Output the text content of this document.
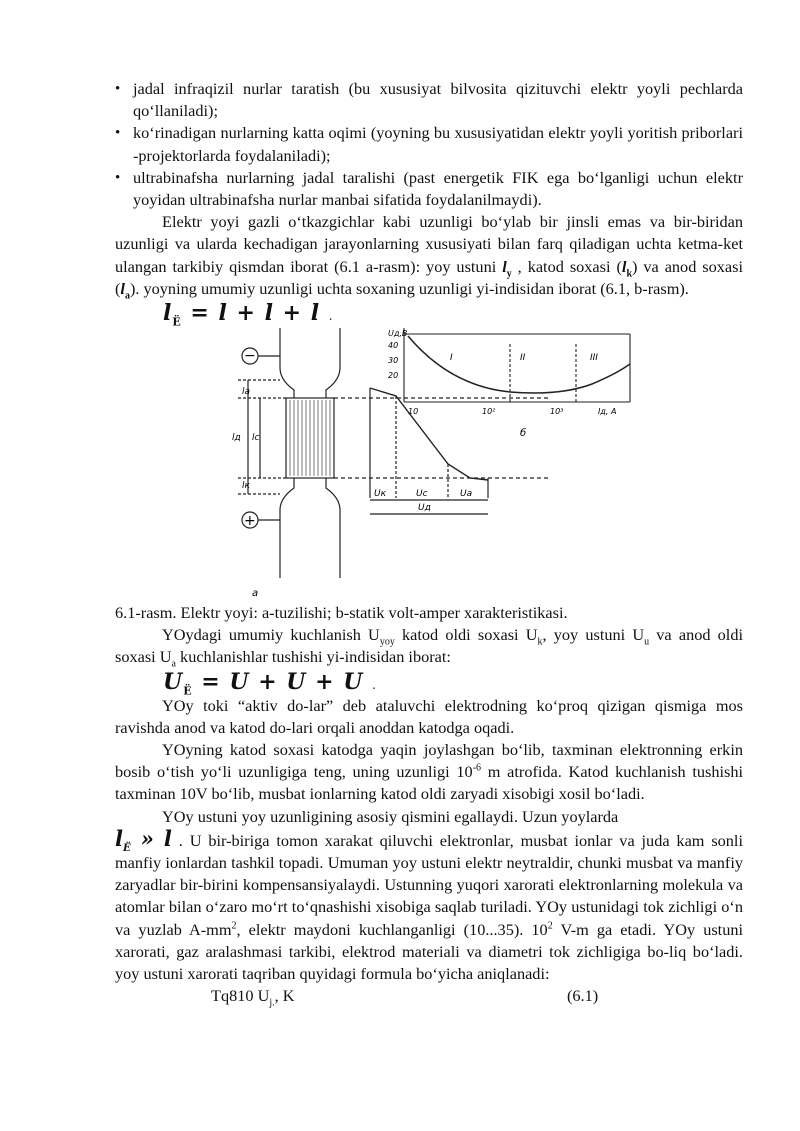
• jadal infraqizil nurlar taratish (bu xususiyat bilvosita qizituvchi elektr yoyli pechlarda qo‘llaniladi);
• ko‘rinadigan nurlarning katta oqimi (yoyning bu xususiyatidan elektr yoyli yoritish priborlari -projektorlarda foydalaniladi);
• ultrabinafsha nurlarning jadal taralishi (past energetik FIK ega bo‘lganligi uchun elektr yoyidan ultrabinafsha nurlar manbai sifatida foydalanilmaydi).

Elektr yoyi gazli o‘tkazgichlar kabi uzunligi bo‘ylab bir jinsli emas va bir-biridan uzunligi va ularda kechadigan jarayonlarning xususiyati bilan farq qiladigan uchta ketma-ket ulangan tarkibiy qismdan iborat (6.1 a-rasm): yoy ustuni $l_y$ , katod soxasi $(l_k)$ va anod soxasi $(l_a)$. yoyning umumiy uzunligi uchta soxaning uzunligi yi-indisidan iborat (6.1, b-rasm).

$l_Ë = l + l + l$ .
−
+
lа
lс
lд
lк
Uк	Uс	Uа
Uд
a
Uд,В
40
30
20
10	10²	10³	Iд, А
I	II	III
б

6.1-rasm. Elektr yoyi: a-tuzilishi; b-statik volt-amper xarakteristikasi.

YOydagi umumiy kuchlanish $U_{yoy}$ katod oldi soxasi $U_k$, yoy ustuni $U_u$ va anod oldi soxasi $U_a$ kuchlanishlar tushishi yi-indisidan iborat:

$U_Ë = U + U + U$ .

YOy toki “aktiv do-lar” deb ataluvchi elektrodning ko‘proq qizigan qismiga mos ravishda anod va katod do-lari orqali anoddan katodga oqadi.

YOyning katod soxasi katodga yaqin joylashgan bo‘lib, taxminan elektronning erkin bosib o‘tish yo‘li uzunligiga teng, uning uzunligi $10^{-6}$ m atrofida. Katod kuchlanish tushishi taxminan 10V bo‘lib, musbat ionlarning katod oldi zaryadi xisobigi xosil bo‘ladi.

YOy ustuni yoy uzunligining asosiy qismini egallaydi. Uzun yoylarda
$l_Ë$ » l . U bir-biriga tomon xarakat qiluvchi elektronlar, musbat ionlar va juda kam sonli manfiy ionlardan tashkil topadi. Umuman yoy ustuni elektr neytraldir, chunki musbat va manfiy zaryadlar bir-birini kompensansiyalaydi. Ustunning yuqori xarorati elektronlarning molekula va atomlar bilan o‘zaro mo‘rt to‘qnashishi xisobiga saqlab turiladi. YOy ustunidagi tok zichligi o‘n va yuzlab $A-mm^2$, elektr maydoni kuchlanganligi (10...35). $10^2$ V-m ga etadi. YOy ustuni xarorati, gaz aralashmasi tarkibi, elektrod materiali va diametri tok zichligiga bo-liq bo‘ladi. yoy ustuni xarorati taqriban quyidagi formula bo‘yicha aniqlanadi:

Tq810 $U_{j.}$, K	(6.1)
